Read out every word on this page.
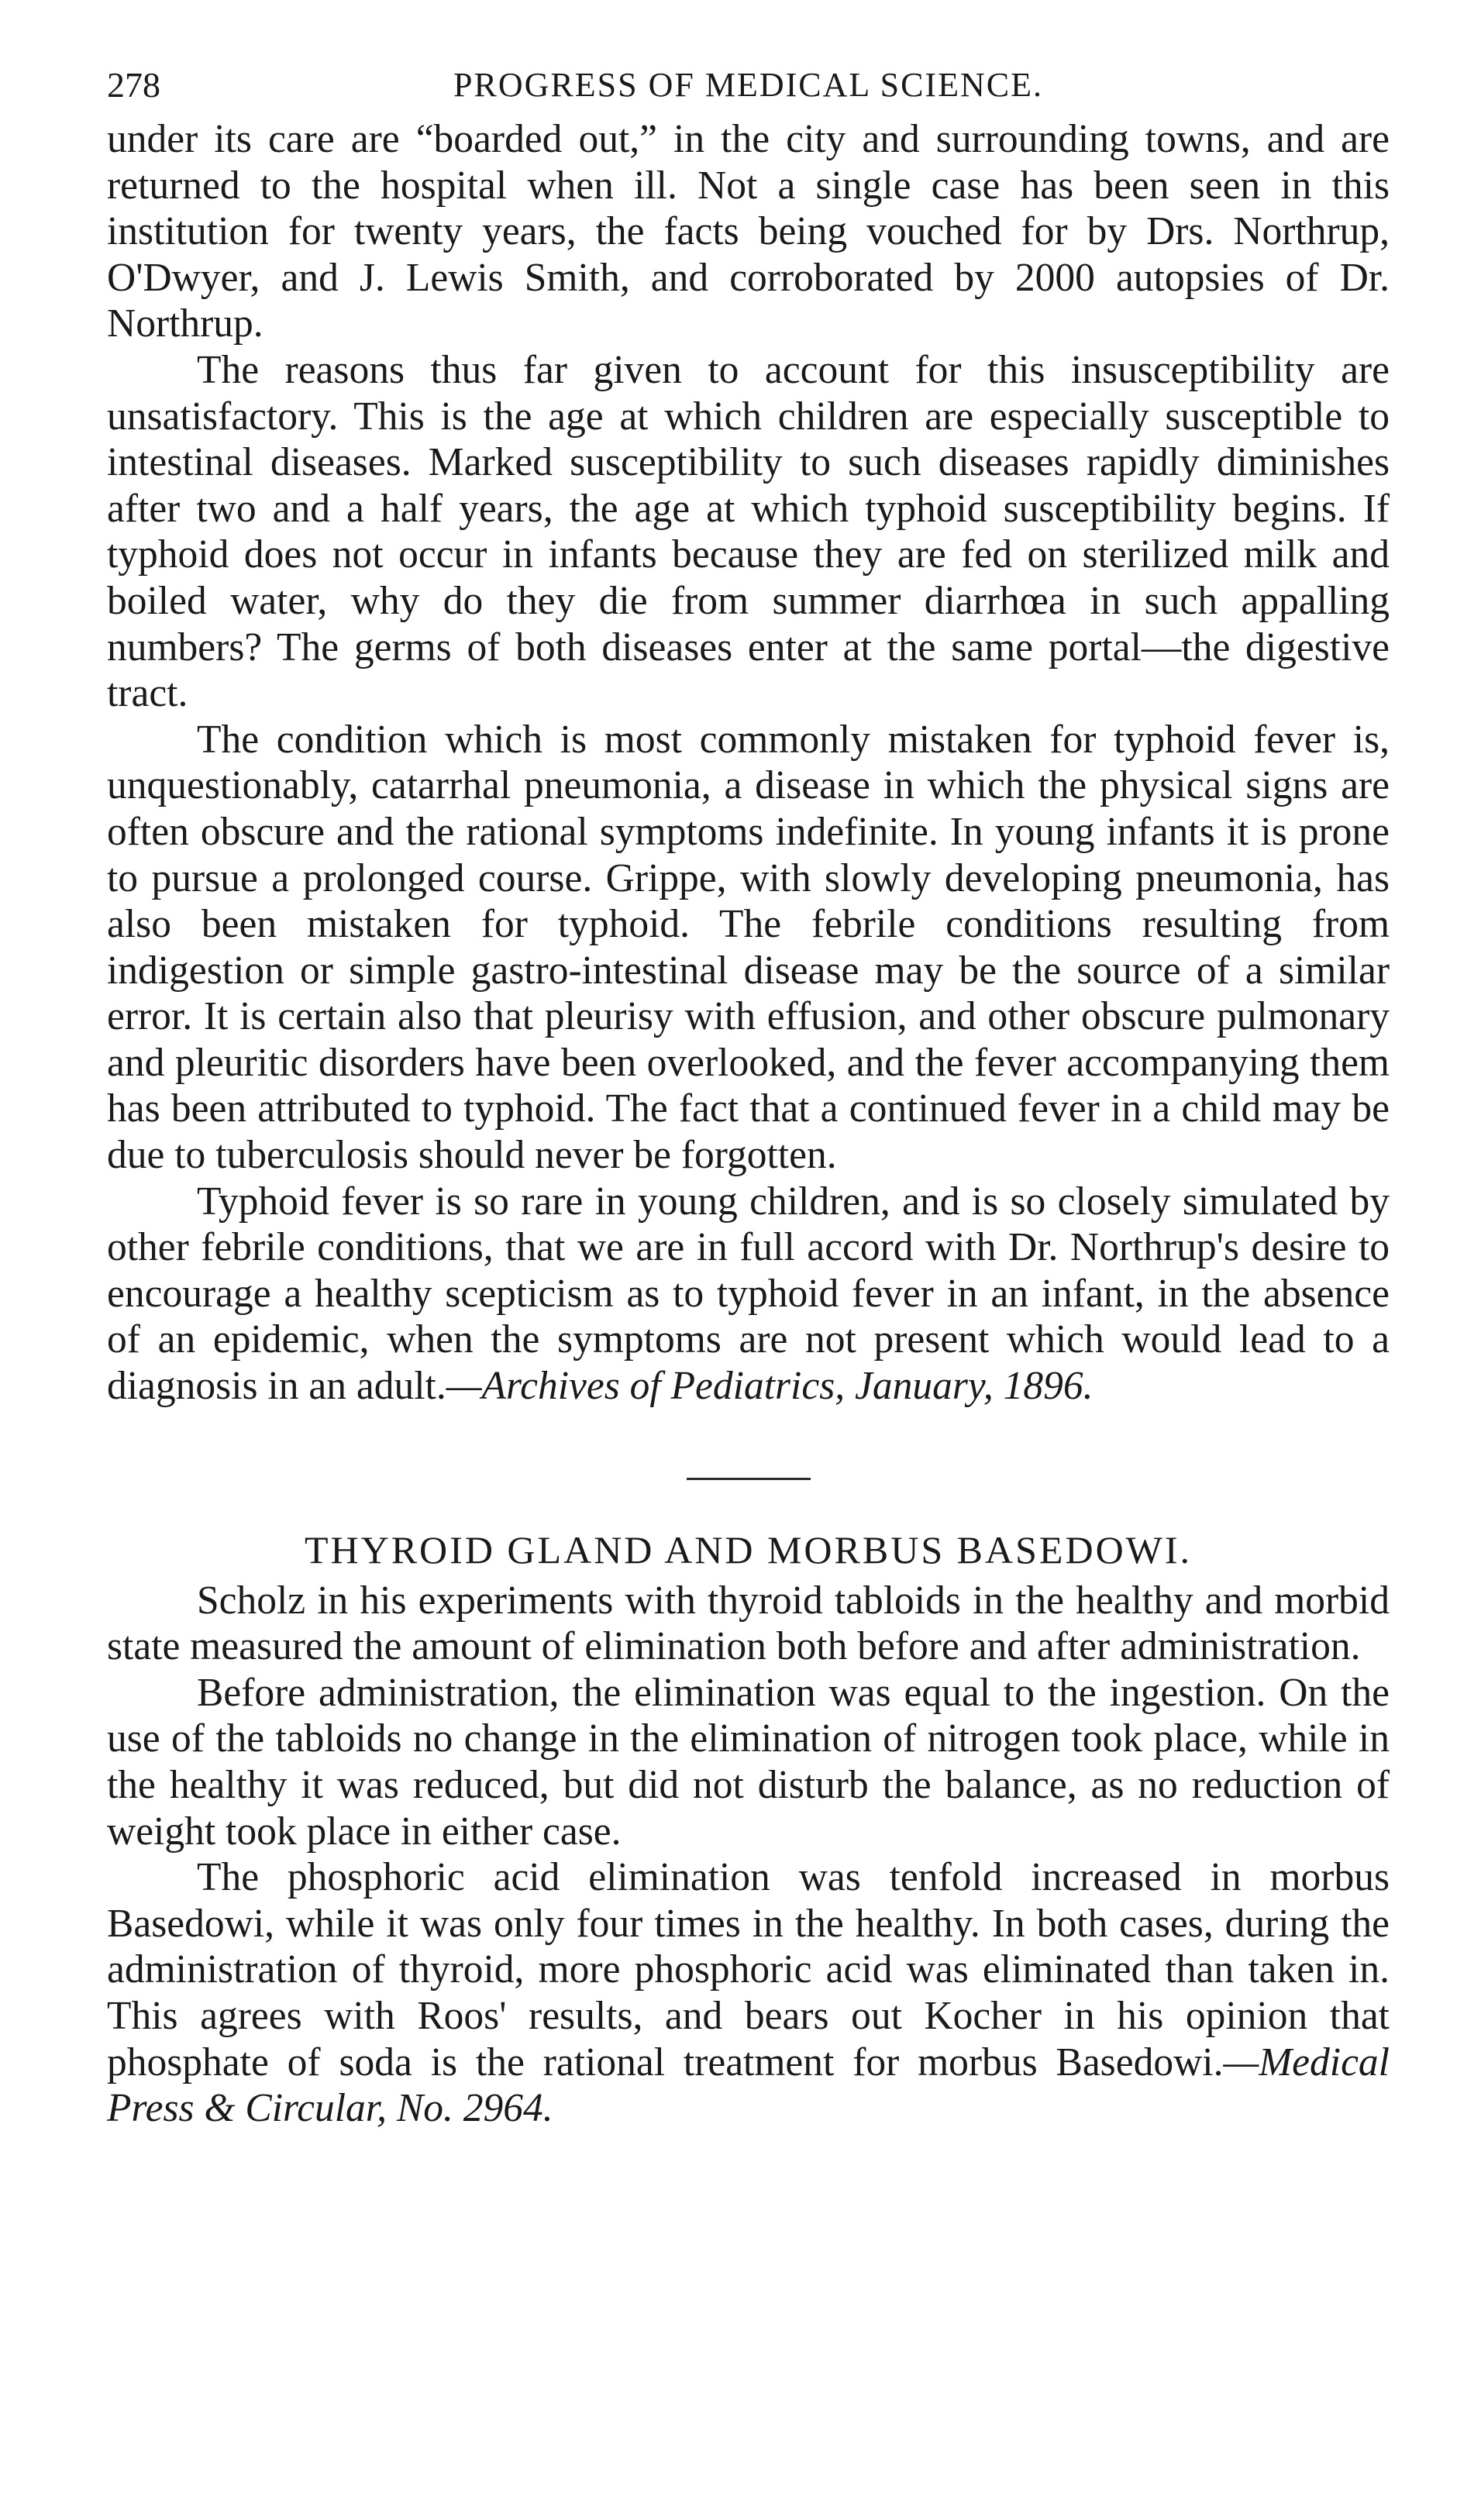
278	PROGRESS OF MEDICAL SCIENCE.

under its care are “boarded out,” in the city and surrounding towns, and are returned to the hospital when ill. Not a single case has been seen in this institution for twenty years, the facts being vouched for by Drs. Northrup, O'Dwyer, and J. Lewis Smith, and corroborated by 2000 autopsies of Dr. Northrup.

The reasons thus far given to account for this insusceptibility are unsatisfactory. This is the age at which children are especially susceptible to intestinal diseases. Marked susceptibility to such diseases rapidly diminishes after two and a half years, the age at which typhoid susceptibility begins. If typhoid does not occur in infants because they are fed on sterilized milk and boiled water, why do they die from summer diarrhœa in such appalling numbers? The germs of both diseases enter at the same portal—the digestive tract.

The condition which is most commonly mistaken for typhoid fever is, unquestionably, catarrhal pneumonia, a disease in which the physical signs are often obscure and the rational symptoms indefinite. In young infants it is prone to pursue a prolonged course. Grippe, with slowly developing pneumonia, has also been mistaken for typhoid. The febrile conditions resulting from indigestion or simple gastro-intestinal disease may be the source of a similar error. It is certain also that pleurisy with effusion, and other obscure pulmonary and pleuritic disorders have been overlooked, and the fever accompanying them has been attributed to typhoid. The fact that a continued fever in a child may be due to tuberculosis should never be forgotten.

Typhoid fever is so rare in young children, and is so closely simulated by other febrile conditions, that we are in full accord with Dr. Northrup's desire to encourage a healthy scepticism as to typhoid fever in an infant, in the absence of an epidemic, when the symptoms are not present which would lead to a diagnosis in an adult.—Archives of Pediatrics, January, 1896.

THYROID GLAND AND MORBUS BASEDOWI.

Scholz in his experiments with thyroid tabloids in the healthy and morbid state measured the amount of elimination both before and after administration.

Before administration, the elimination was equal to the ingestion. On the use of the tabloids no change in the elimination of nitrogen took place, while in the healthy it was reduced, but did not disturb the balance, as no reduction of weight took place in either case.

The phosphoric acid elimination was tenfold increased in morbus Basedowi, while it was only four times in the healthy. In both cases, during the administration of thyroid, more phosphoric acid was eliminated than taken in. This agrees with Roos' results, and bears out Kocher in his opinion that phosphate of soda is the rational treatment for morbus Basedowi.—Medical Press & Circular, No. 2964.
